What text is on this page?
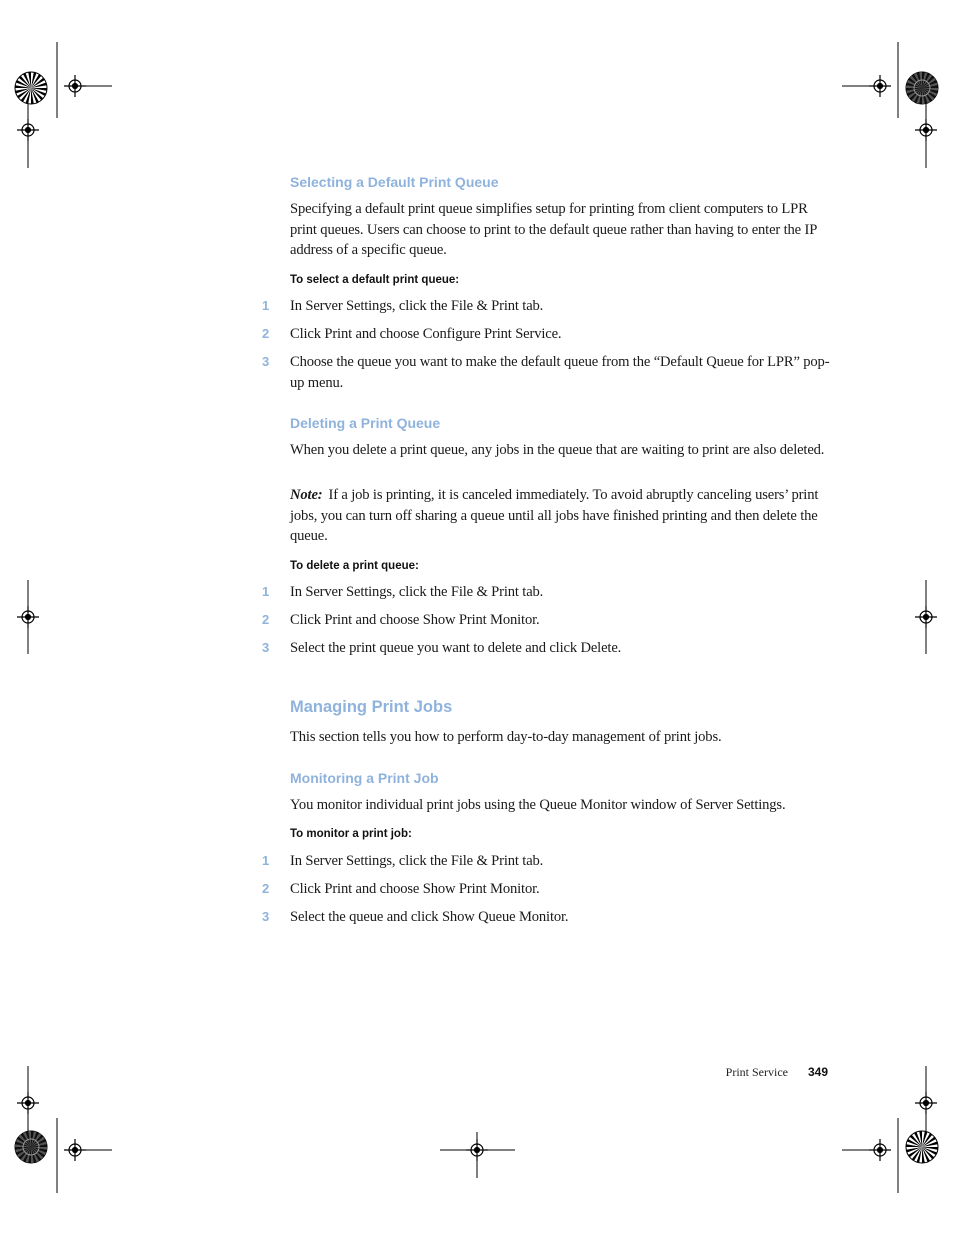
Selecting a Default Print Queue

Specifying a default print queue simplifies setup for printing from client computers to LPR print queues. Users can choose to print to the default queue rather than having to enter the IP address of a specific queue.

To select a default print queue:

1	In Server Settings, click the File & Print tab.
2	Click Print and choose Configure Print Service.
3	Choose the queue you want to make the default queue from the “Default Queue for LPR” pop-up menu.
Deleting a Print Queue

When you delete a print queue, any jobs in the queue that are waiting to print are also deleted.

Note: If a job is printing, it is canceled immediately. To avoid abruptly canceling users’ print jobs, you can turn off sharing a queue until all jobs have finished printing and then delete the queue.

To delete a print queue:

1	In Server Settings, click the File & Print tab.
2	Click Print and choose Show Print Monitor.
3	Select the print queue you want to delete and click Delete.
Managing Print Jobs

This section tells you how to perform day-to-day management of print jobs.

Monitoring a Print Job

You monitor individual print jobs using the Queue Monitor window of Server Settings.

To monitor a print job:

1	In Server Settings, click the File & Print tab.
2	Click Print and choose Show Print Monitor.
3	Select the queue and click Show Queue Monitor.
Print Service 349
